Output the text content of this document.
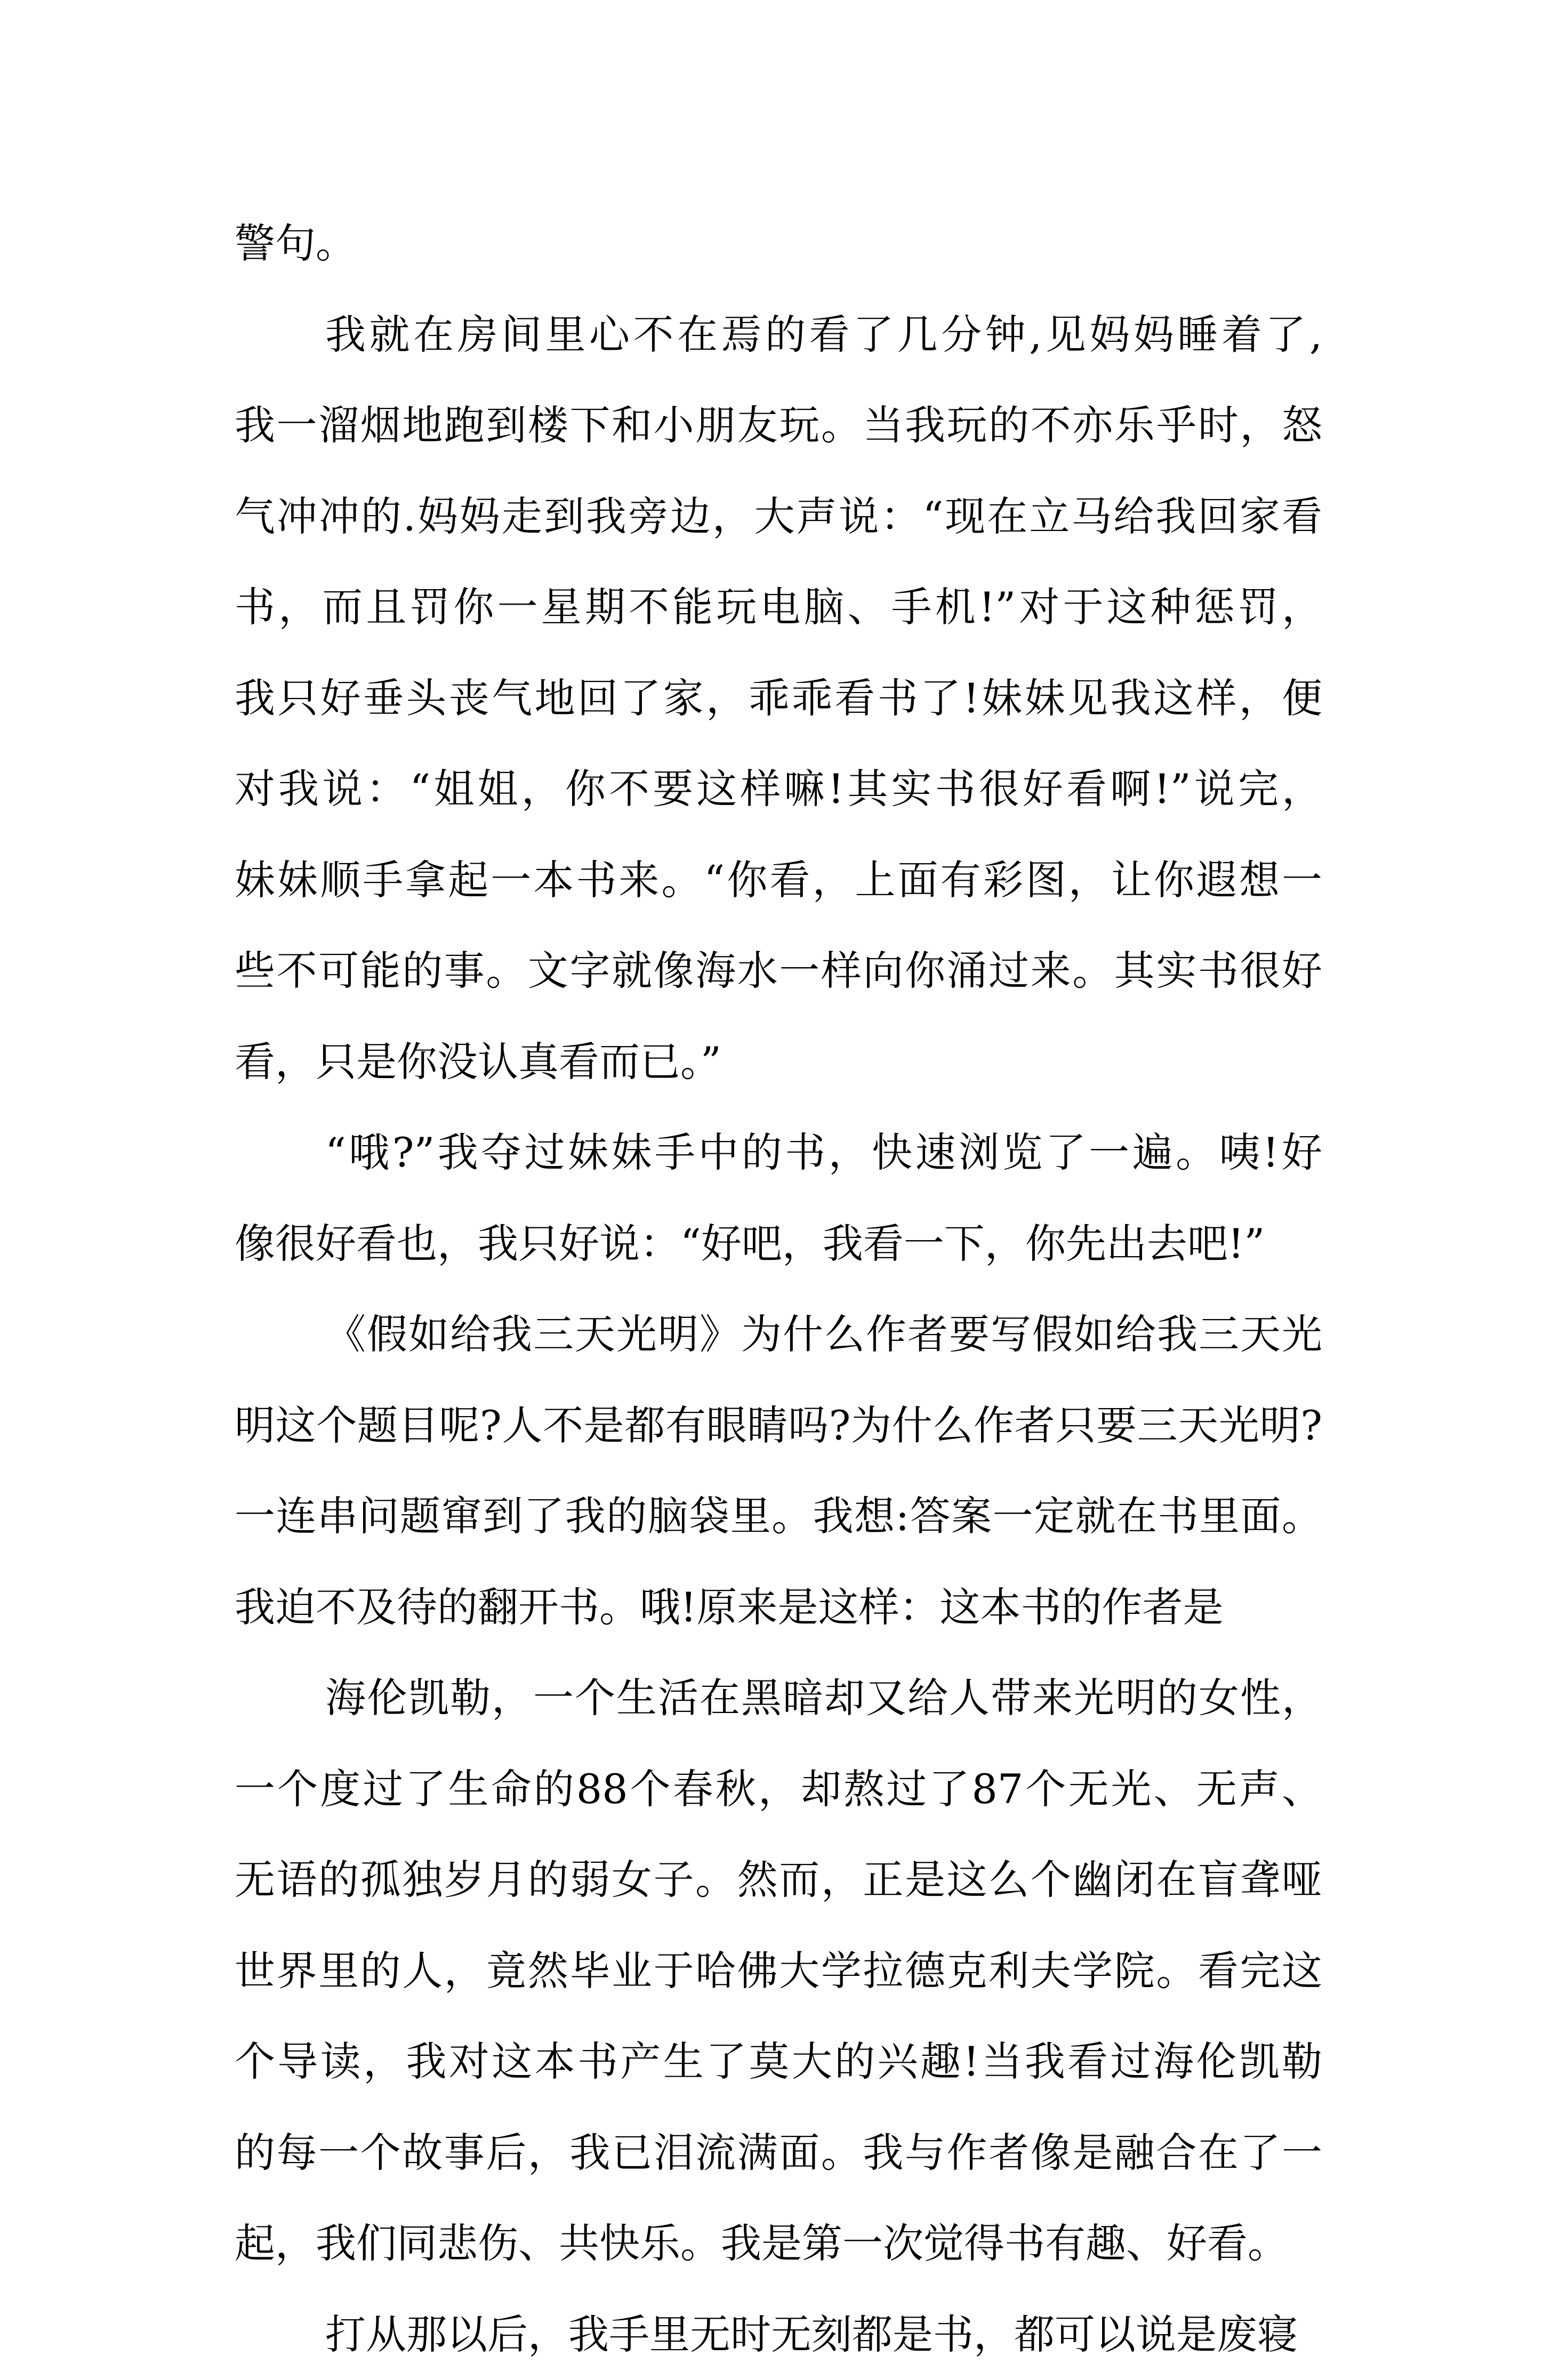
警句。
我就在房间里心不在焉的看了几分钟,见妈妈睡着了,
我一溜烟地跑到楼下和小朋友玩。当我玩的不亦乐乎时，怒
气冲冲的.妈妈走到我旁边，大声说：“现在立马给我回家看
书，而且罚你一星期不能玩电脑、手机!”对于这种惩罚，
我只好垂头丧气地回了家，乖乖看书了!妹妹见我这样，便
对我说：“姐姐，你不要这样嘛!其实书很好看啊!”说完，
妹妹顺手拿起一本书来。“你看，上面有彩图，让你遐想一
些不可能的事。文字就像海水一样向你涌过来。其实书很好
看，只是你没认真看而已。”
“哦?”我夺过妹妹手中的书，快速浏览了一遍。咦!好
像很好看也，我只好说：“好吧，我看一下，你先出去吧!”
《假如给我三天光明》为什么作者要写假如给我三天光
明这个题目呢?人不是都有眼睛吗?为什么作者只要三天光明?
一连串问题窜到了我的脑袋里。我想:答案一定就在书里面。
我迫不及待的翻开书。哦!原来是这样：这本书的作者是
海伦凯勒，一个生活在黑暗却又给人带来光明的女性，
一个度过了生命的88个春秋，却熬过了87个无光、无声、
无语的孤独岁月的弱女子。然而，正是这么个幽闭在盲聋哑
世界里的人，竟然毕业于哈佛大学拉德克利夫学院。看完这
个导读，我对这本书产生了莫大的兴趣!当我看过海伦凯勒
的每一个故事后，我已泪流满面。我与作者像是融合在了一
起，我们同悲伤、共快乐。我是第一次觉得书有趣、好看。
打从那以后，我手里无时无刻都是书，都可以说是废寝
